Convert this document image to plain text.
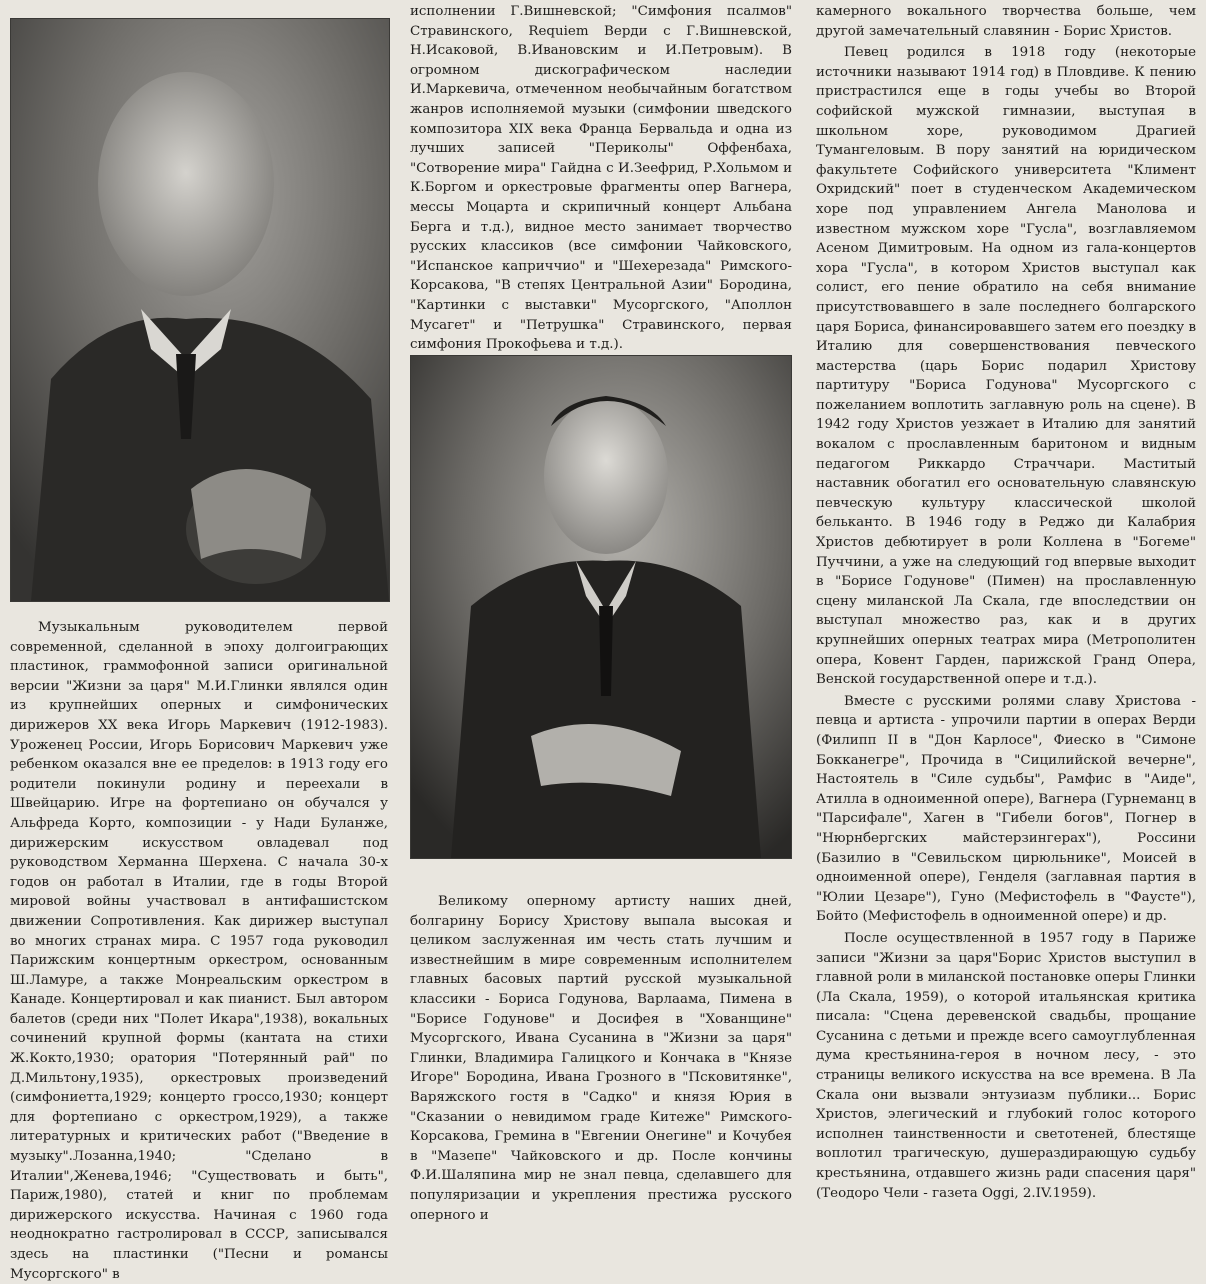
Музыкальным руководителем первой современной, сделанной в эпоху долгоиграющих пластинок, граммофонной записи оригинальной версии "Жизни за царя" М.И.Глинки являлся один из крупнейших оперных и симфонических дирижеров XX века Игорь Маркевич (1912-1983). Уроженец России, Игорь Борисович Маркевич уже ребенком оказался вне ее пределов: в 1913 году его родители покинули родину и переехали в Швейцарию. Игре на фортепиано он обучался у Альфреда Корто, композиции - у Нади Буланже, дирижерским искусством овладевал под руководством Херманна Шерхена. С начала 30-х годов он работал в Италии, где в годы Второй мировой войны участвовал в антифашистском движении Сопротивления. Как дирижер выступал во многих странах мира. С 1957 года руководил Парижским концертным оркестром, основанным Ш.Ламуре, а также Монреальским оркестром в Канаде. Концертировал и как пианист. Был автором балетов (среди них "Полет Икара",1938), вокальных сочинений крупной формы (кантата на стихи Ж.Кокто,1930; оратория "Потерянный рай" по Д.Мильтону,1935), оркестровых произведений (симфониетта,1929; концерто гроссо,1930; концерт для фортепиано с оркестром,1929), а также литературных и критических работ ("Введение в музыку".Лозанна,1940; "Сделано в Италии",Женева,1946; "Существовать и быть", Париж,1980), статей и книг по проблемам дирижерского искусства. Начиная с 1960 года неоднократно гастролировал в СССР, записывался здесь на пластинки ("Песни и романсы Мусоргского" в

исполнении Г.Вишневской; "Симфония псалмов" Стравинского, Requiem Верди с Г.Вишневской, Н.Исаковой, В.Ивановским и И.Петровым). В огромном дискографическом наследии И.Маркевича, отмеченном необычайным богатством жанров исполняемой музыки (симфонии шведского композитора XIX века Франца Бервальда и одна из лучших записей "Периколы" Оффенбаха, "Сотворение мира" Гайдна с И.Зеефрид, Р.Хольмом и К.Боргом и оркестровые фрагменты опер Вагнера, мессы Моцарта и скрипичный концерт Альбана Берга и т.д.), видное место занимает творчество русских классиков (все симфонии Чайковского, "Испанское каприччио" и "Шехерезада" Римского-Корсакова, "В степях Центральной Азии" Бородина, "Картинки с выставки" Мусоргского, "Аполлон Мусагет" и "Петрушка" Стравинского, первая симфония Прокофьева и т.д.).

Великому оперному артисту наших дней, болгарину Борису Христову выпала высокая и целиком заслуженная им честь стать лучшим и известнейшим в мире современным исполнителем главных басовых партий русской музыкальной классики - Бориса Годунова, Варлаама, Пимена в "Борисе Годунове" и Досифея в "Хованщине" Мусоргского, Ивана Сусанина в "Жизни за царя" Глинки, Владимира Галицкого и Кончака в "Князе Игоре" Бородина, Ивана Грозного в "Псковитянке", Варяжского гостя в "Садко" и князя Юрия в "Сказании о невидимом граде Китеже" Римского-Корсакова, Гремина в "Евгении Онегине" и Кочубея в "Мазепе" Чайковского и др. После кончины Ф.И.Шаляпина мир не знал певца, сделавшего для популяризации и укрепления престижа русского оперного и

камерного вокального творчества больше, чем другой замечательный славянин - Борис Христов.

Певец родился в 1918 году (некоторые источники называют 1914 год) в Пловдиве. К пению пристрастился еще в годы учебы во Второй софийской мужской гимназии, выступая в школьном хоре, руководимом Драгией Тумангеловым. В пору занятий на юридическом факультете Софийского университета "Климент Охридский" поет в студенческом Академическом хоре под управлением Ангела Манолова и известном мужском хоре "Гусла", возглавляемом Асеном Димитровым. На одном из гала-концертов хора "Гусла", в котором Христов выступал как солист, его пение обратило на себя внимание присутствовавшего в зале последнего болгарского царя Бориса, финансировавшего затем его поездку в Италию для совершенствования певческого мастерства (царь Борис подарил Христову партитуру "Бориса Годунова" Мусоргского с пожеланием воплотить заглавную роль на сцене). В 1942 году Христов уезжает в Италию для занятий вокалом с прославленным баритоном и видным педагогом Риккардо Страччари. Маститый наставник обогатил его основательную славянскую певческую культуру классической школой бельканто. В 1946 году в Реджо ди Калабрия Христов дебютирует в роли Коллена в "Богеме" Пуччини, а уже на следующий год впервые выходит в "Борисе Годунове" (Пимен) на прославленную сцену миланской Ла Скала, где впоследствии он выступал множество раз, как и в других крупнейших оперных театрах мира (Метрополитен опера, Ковент Гарден, парижской Гранд Опера, Венской государственной опере и т.д.).

Вместе с русскими ролями славу Христова - певца и артиста - упрочили партии в операх Верди (Филипп II в "Дон Карлосе", Фиеско в "Симоне Бокканегре", Прочида в "Сицилийской вечерне", Настоятель в "Силе судьбы", Рамфис в "Аиде", Атилла в одноименной опере), Вагнера (Гурнеманц в "Парсифале", Хаген в "Гибели богов", Погнер в "Нюрнбергских майстерзингерах"), Россини (Базилио в "Севильском цирюльнике", Моисей в одноименной опере), Генделя (заглавная партия в "Юлии Цезаре"), Гуно (Мефистофель в "Фаусте"), Бойто (Мефистофель в одноименной опере) и др.

После осуществленной в 1957 году в Париже записи "Жизни за царя"Борис Христов выступил в главной роли в миланской постановке оперы Глинки (Ла Скала, 1959), о которой итальянская критика писала: "Сцена деревенской свадьбы, прощание Сусанина с детьми и прежде всего самоуглубленная дума крестьянина-героя в ночном лесу, - это страницы великого искусства на все времена. В Ла Скала они вызвали энтузиазм публики... Борис Христов, элегический и глубокий голос которого исполнен таинственности и светотеней, блестяще воплотил трагическую, душераздирающую судьбу крестьянина, отдавшего жизнь ради спасения царя" (Теодоро Чели - газета Oggi, 2.IV.1959).
